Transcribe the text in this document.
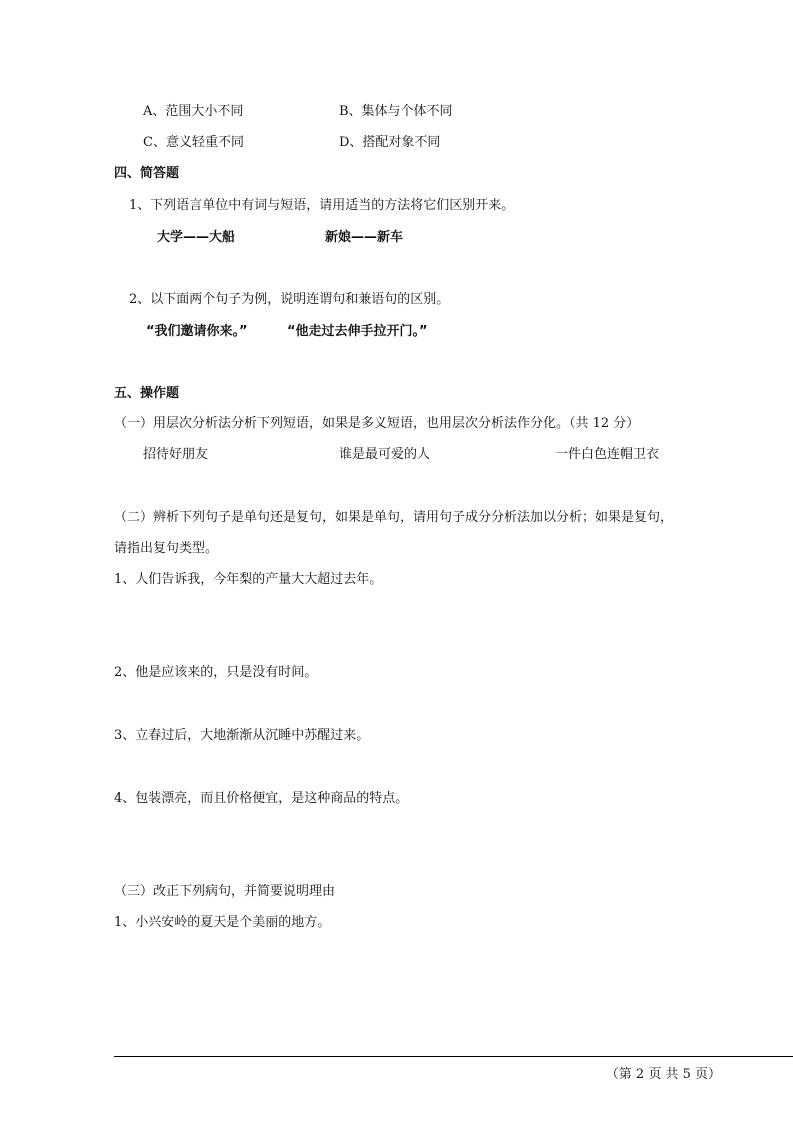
A、范围大小不同	B、集体与个体不同
C、意义轻重不同	D、搭配对象不同
四、简答题
1、下列语言单位中有词与短语，请用适当的方法将它们区别开来。
大学——大船	新娘——新车
2、以下面两个句子为例，说明连谓句和兼语句的区别。
“我们邀请你来。”	“他走过去伸手拉开门。”
五、操作题
（一）用层次分析法分析下列短语，如果是多义短语，也用层次分析法作分化。（共 12 分）
招待好朋友	谁是最可爱的人	一件白色连帽卫衣
（二）辨析下列句子是单句还是复句，如果是单句，请用句子成分分析法加以分析；如果是复句，
请指出复句类型。
1、人们告诉我，今年梨的产量大大超过去年。
2、他是应该来的，只是没有时间。
3、立春过后，大地渐渐从沉睡中苏醒过来。
4、包装漂亮，而且价格便宜，是这种商品的特点。
（三）改正下列病句，并简要说明理由
1、小兴安岭的夏天是个美丽的地方。
（第 2 页 共 5 页）
